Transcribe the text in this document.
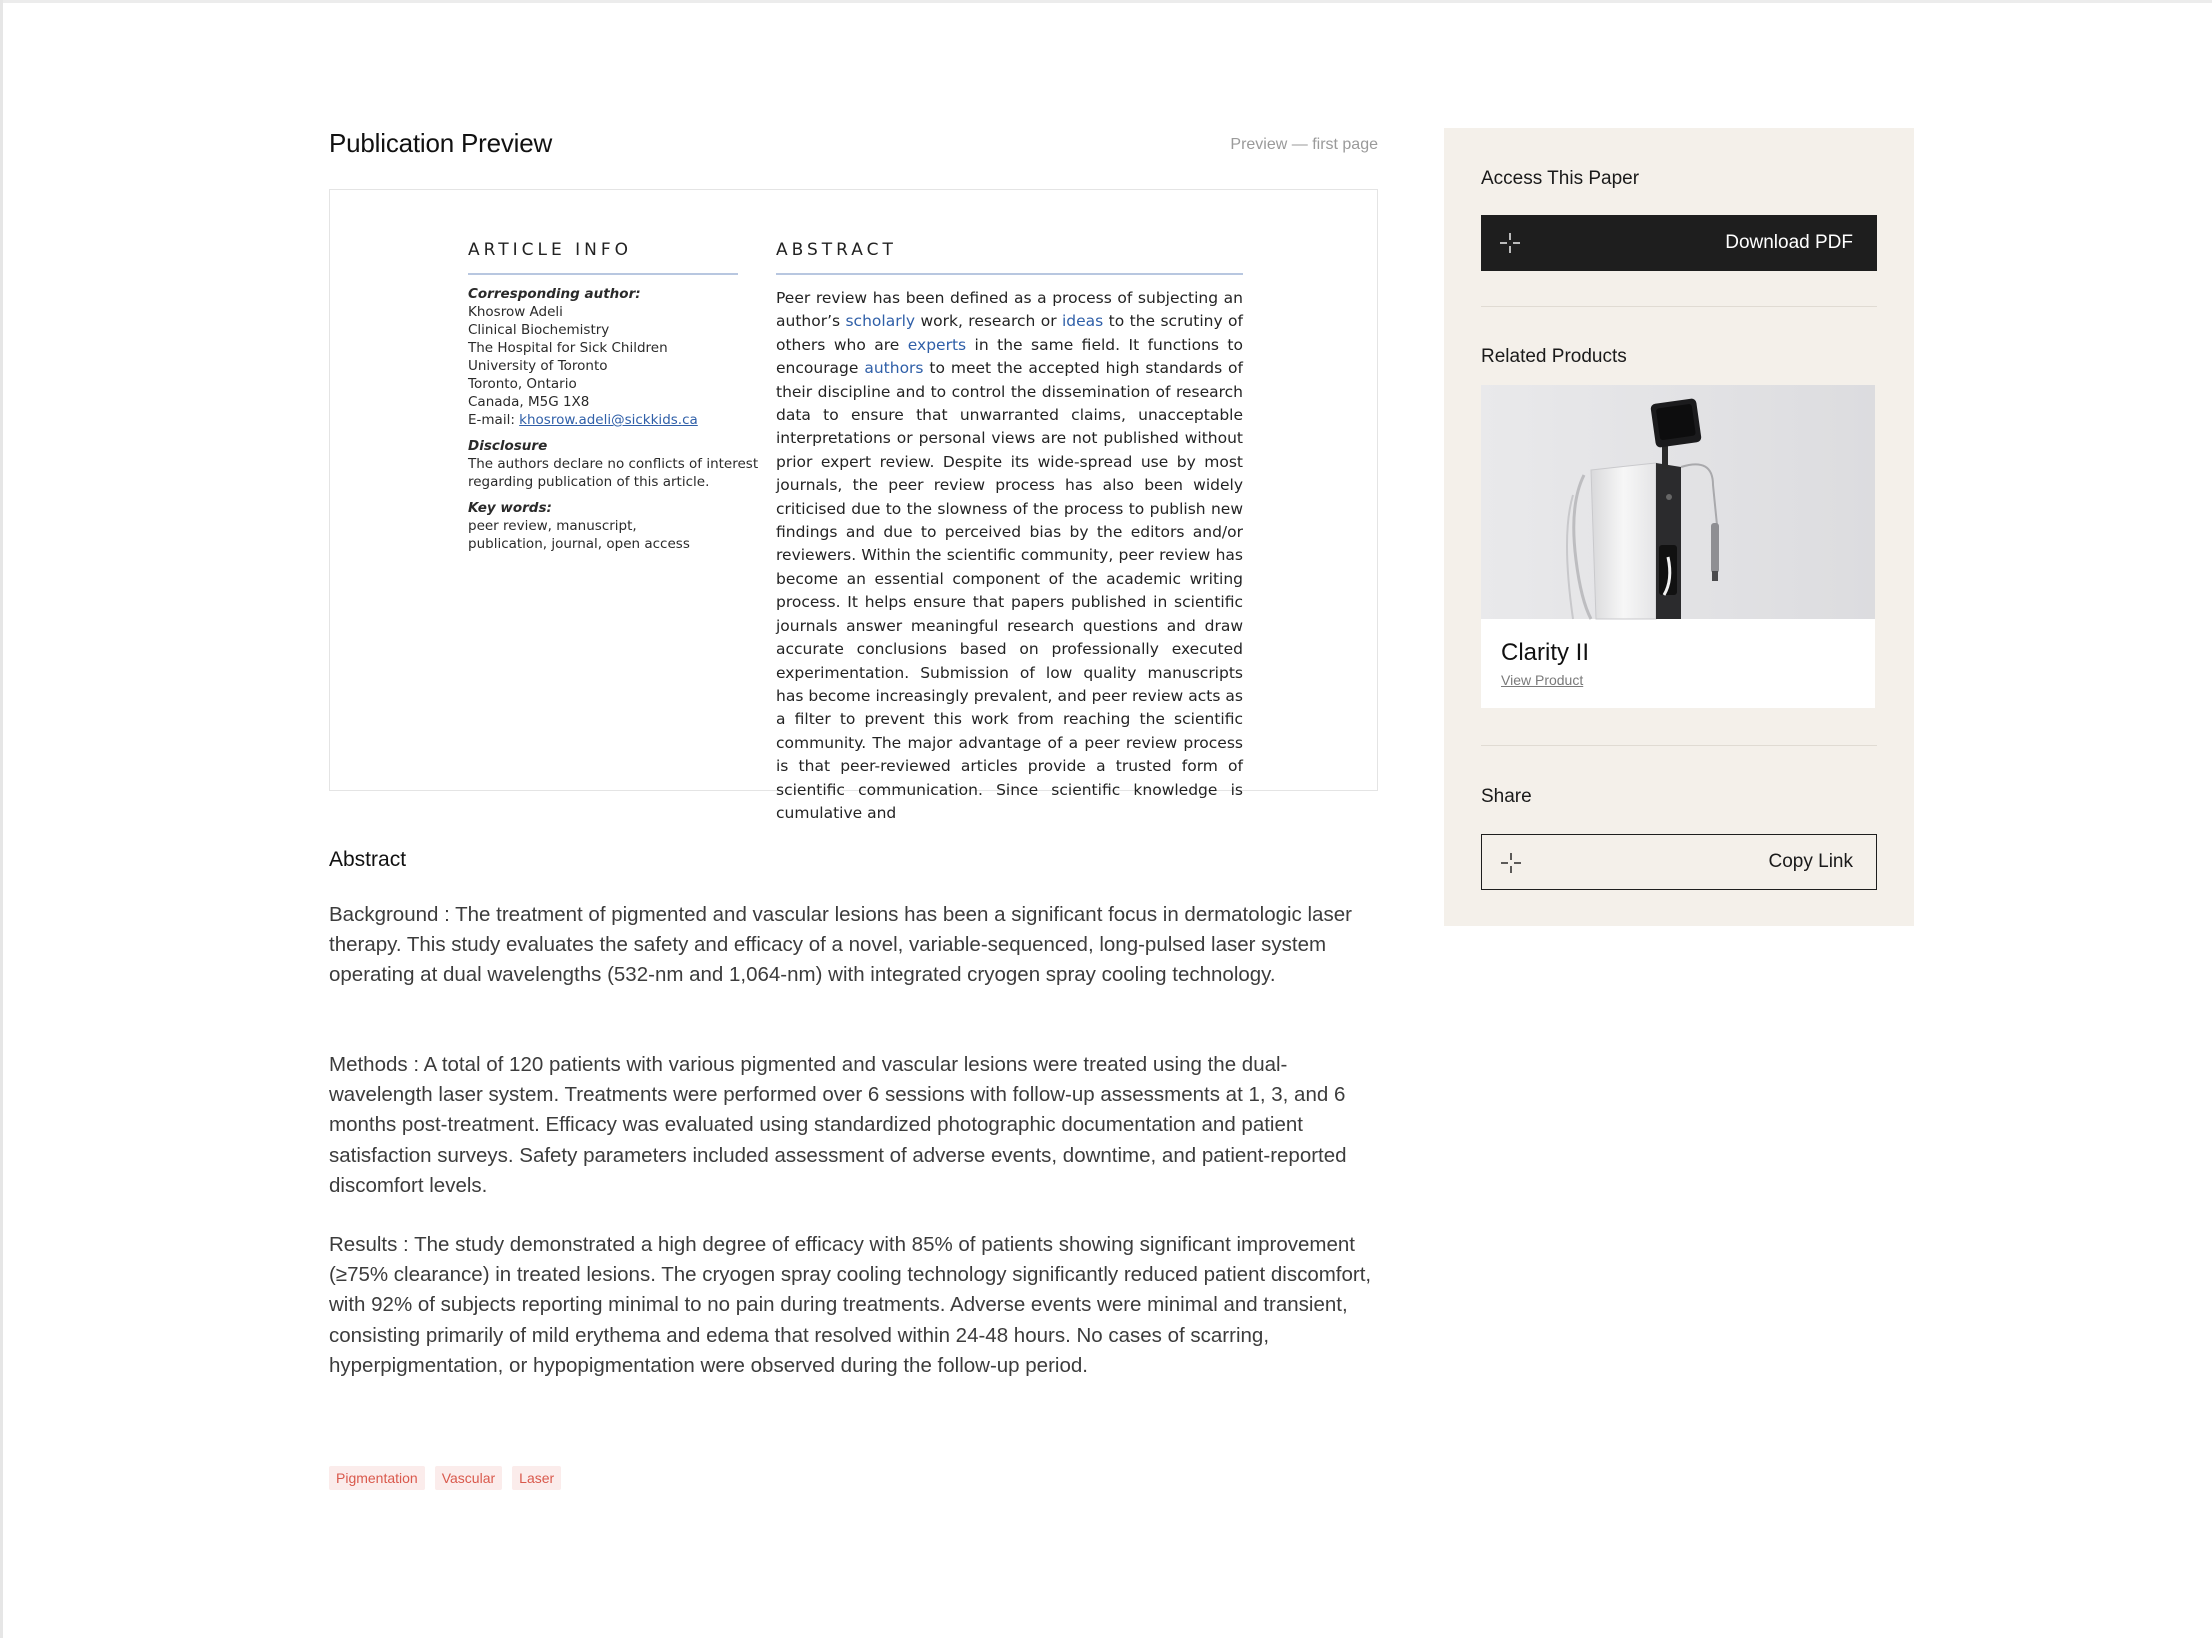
Publication Preview	Preview — first page
ARTICLE INFO
Corresponding author:
Khosrow Adeli
Clinical Biochemistry
The Hospital for Sick Children
University of Toronto
Toronto, Ontario
Canada, M5G 1X8
E-mail: khosrow.adeli@sickkids.ca
Disclosure
The authors declare no conflicts of interest
regarding publication of this article.
Key words:
peer review, manuscript,
publication, journal, open access
ABSTRACT
Peer review has been defined as a process of subjecting an author’s scholarly work, research or ideas to the scrutiny of others who are experts in the same field. It functions to encourage authors to meet the accepted high standards of their discipline and to control the dissemination of research data to ensure that unwarranted claims, unacceptable interpretations or personal views are not published without prior expert review. Despite its wide-spread use by most journals, the peer review process has also been widely criticised due to the slowness of the process to publish new findings and due to perceived bias by the editors and/or reviewers. Within the scientific community, peer review has become an essential component of the academic writing process. It helps ensure that papers published in scientific journals answer meaningful research questions and draw accurate conclusions based on professionally executed experimentation. Submission of low quality manuscripts has become increasingly prevalent, and peer review acts as a filter to prevent this work from reaching the scientific community. The major advantage of a peer review process is that peer-reviewed articles provide a trusted form of scientific communication. Since scientific knowledge is cumulative and
Abstract
Background : The treatment of pigmented and vascular lesions has been a significant focus in dermatologic laser therapy. This study evaluates the safety and efficacy of a novel, variable-sequenced, long-pulsed laser system operating at dual wavelengths (532-nm and 1,064-nm) with integrated cryogen spray cooling technology.
Methods : A total of 120 patients with various pigmented and vascular lesions were treated using the dual-wavelength laser system. Treatments were performed over 6 sessions with follow-up assessments at 1, 3, and 6 months post-treatment. Efficacy was evaluated using standardized photographic documentation and patient satisfaction surveys. Safety parameters included assessment of adverse events, downtime, and patient-reported discomfort levels.
Results : The study demonstrated a high degree of efficacy with 85% of patients showing significant improvement (≥75% clearance) in treated lesions. The cryogen spray cooling technology significantly reduced patient discomfort, with 92% of subjects reporting minimal to no pain during treatments. Adverse events were minimal and transient, consisting primarily of mild erythema and edema that resolved within 24-48 hours. No cases of scarring, hyperpigmentation, or hypopigmentation were observed during the follow-up period.
Pigmentation	Vascular	Laser
Access This Paper
Download PDF
Related Products
Clarity II
View Product
Share
Copy Link
